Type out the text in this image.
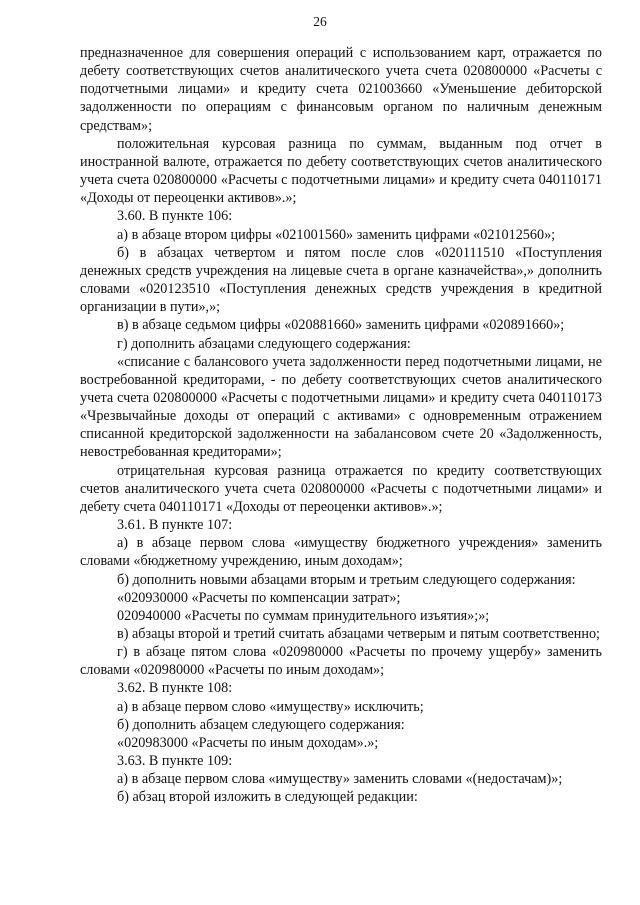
26

предназначенное для совершения операций с использованием карт, отражается по дебету соответствующих счетов аналитического учета счета 020800000 «Расчеты с подотчетными лицами» и кредиту счета 021003660 «Уменьшение дебиторской задолженности по операциям с финансовым органом по наличным денежным средствам»;

положительная курсовая разница по суммам, выданным под отчет в иностранной валюте, отражается по дебету соответствующих счетов аналитического учета счета 020800000 «Расчеты с подотчетными лицами» и кредиту счета 040110171 «Доходы от переоценки активов».»;

3.60. В пункте 106:

а) в абзаце втором цифры «021001560» заменить цифрами «021012560»;

б) в абзацах четвертом и пятом после слов «020111510 «Поступления денежных средств учреждения на лицевые счета в органе казначейства»,» дополнить словами «020123510 «Поступления денежных средств учреждения в кредитной организации в пути»,»;

в) в абзаце седьмом цифры «020881660» заменить цифрами «020891660»;

г) дополнить абзацами следующего содержания:

«списание с балансового учета задолженности перед подотчетными лицами, не востребованной кредиторами, - по дебету соответствующих счетов аналитического учета счета 020800000 «Расчеты с подотчетными лицами» и кредиту счета 040110173 «Чрезвычайные доходы от операций с активами» с одновременным отражением списанной кредиторской задолженности на забалансовом счете 20 «Задолженность, невостребованная кредиторами»;

отрицательная курсовая разница отражается по кредиту соответствующих счетов аналитического учета счета 020800000 «Расчеты с подотчетными лицами» и дебету счета 040110171 «Доходы от переоценки активов».»;

3.61. В пункте 107:

а) в абзаце первом слова «имуществу бюджетного учреждения» заменить словами «бюджетному учреждению, иным доходам»;

б) дополнить новыми абзацами вторым и третьим следующего содержания:

«020930000 «Расчеты по компенсации затрат»;

020940000 «Расчеты по суммам принудительного изъятия»;»;

в) абзацы второй и третий считать абзацами четверым и пятым соответственно;

г) в абзаце пятом слова «020980000 «Расчеты по прочему ущербу» заменить словами «020980000 «Расчеты по иным доходам»;

3.62. В пункте 108:

а) в абзаце первом слово «имуществу» исключить;

б) дополнить абзацем следующего содержания:

«020983000 «Расчеты по иным доходам».»;

3.63. В пункте 109:

а) в абзаце первом слова «имуществу» заменить словами «(недостачам)»;

б) абзац второй изложить в следующей редакции:
